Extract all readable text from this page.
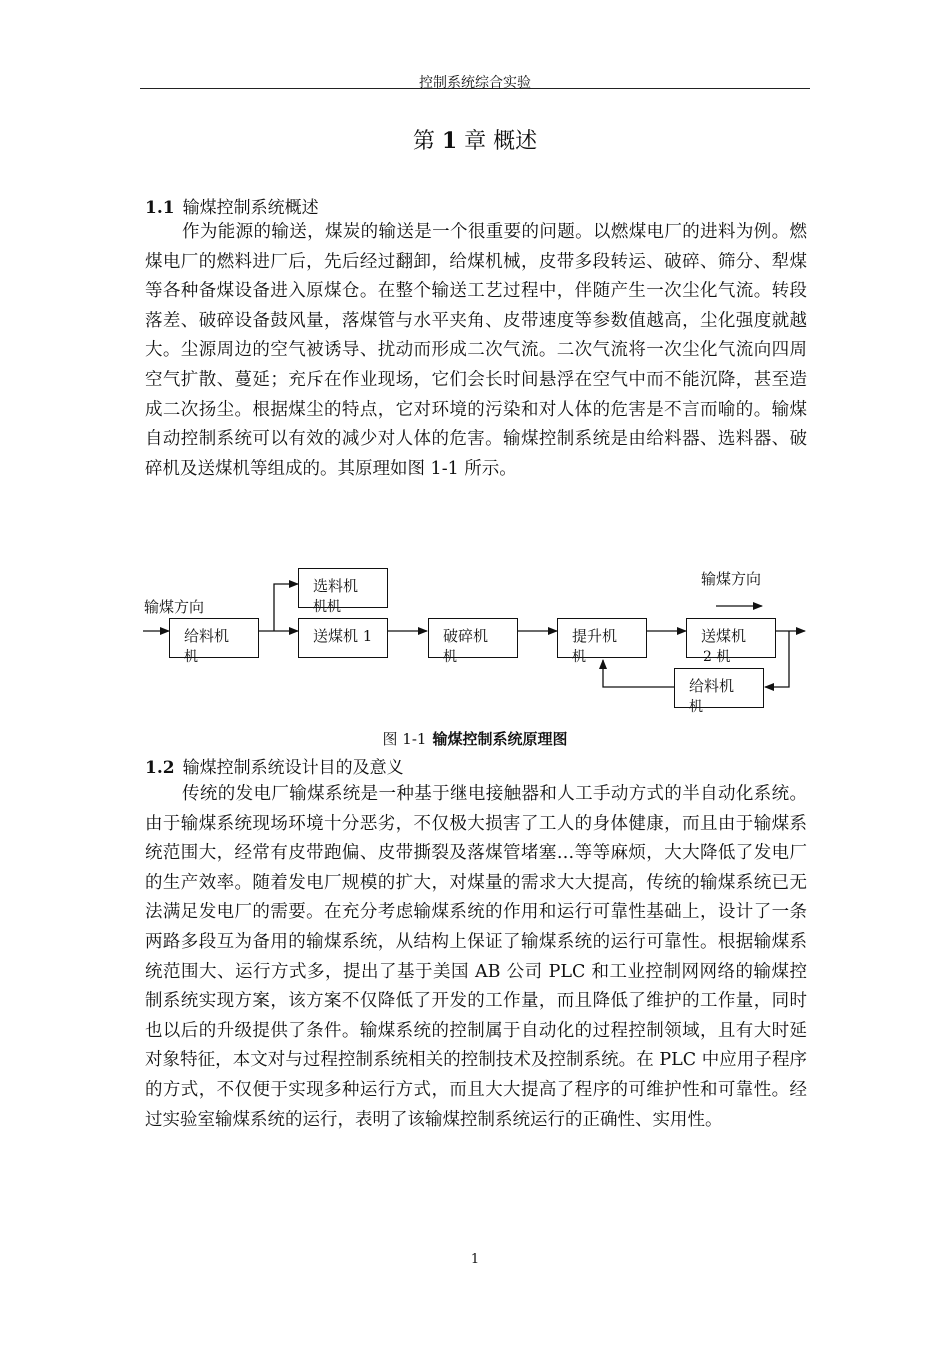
控制系统综合实验
第 1 章 概述
1.1 输煤控制系统概述

作为能源的输送，煤炭的输送是一个很重要的问题。以燃煤电厂的进料为例。燃煤电厂的燃料进厂后，先后经过翻卸，给煤机械，皮带多段转运、破碎、筛分、犁煤等各种备煤设备进入原煤仓。在整个输送工艺过程中，伴随产生一次尘化气流。转段落差、破碎设备鼓风量，落煤管与水平夹角、皮带速度等参数值越高，尘化强度就越大。尘源周边的空气被诱导、扰动而形成二次气流。二次气流将一次尘化气流向四周空气扩散、蔓延；充斥在作业现场，它们会长时间悬浮在空气中而不能沉降，甚至造成二次扬尘。根据煤尘的特点，它对环境的污染和对人体的危害是不言而喻的。输煤自动控制系统可以有效的减少对人体的危害。输煤控制系统是由给料器、选料器、破碎机及送煤机等组成的。其原理如图 1-1 所示。

输煤方向
输煤方向
给料机
机
选料机
机机
送煤机 1	破碎机
机
提升机
机
送煤机
2 机
给料机
机
图 1-1 输煤控制系统原理图
1.2 输煤控制系统设计目的及意义

传统的发电厂输煤系统是一种基于继电接触器和人工手动方式的半自动化系统。由于输煤系统现场环境十分恶劣，不仅极大损害了工人的身体健康，而且由于输煤系统范围大，经常有皮带跑偏、皮带撕裂及落煤管堵塞…等等麻烦，大大降低了发电厂的生产效率。随着发电厂规模的扩大，对煤量的需求大大提高，传统的输煤系统已无法满足发电厂的需要。在充分考虑输煤系统的作用和运行可靠性基础上，设计了一条两路多段互为备用的输煤系统，从结构上保证了输煤系统的运行可靠性。根据输煤系统范围大、运行方式多，提出了基于美国 AB 公司 PLC 和工业控制网网络的输煤控制系统实现方案，该方案不仅降低了开发的工作量，而且降低了维护的工作量，同时也以后的升级提供了条件。输煤系统的控制属于自动化的过程控制领域，且有大时延对象特征，本文对与过程控制系统相关的控制技术及控制系统。在 PLC 中应用子程序的方式，不仅便于实现多种运行方式，而且大大提高了程序的可维护性和可靠性。经过实验室输煤系统的运行，表明了该输煤控制系统运行的正确性、实用性。

1
